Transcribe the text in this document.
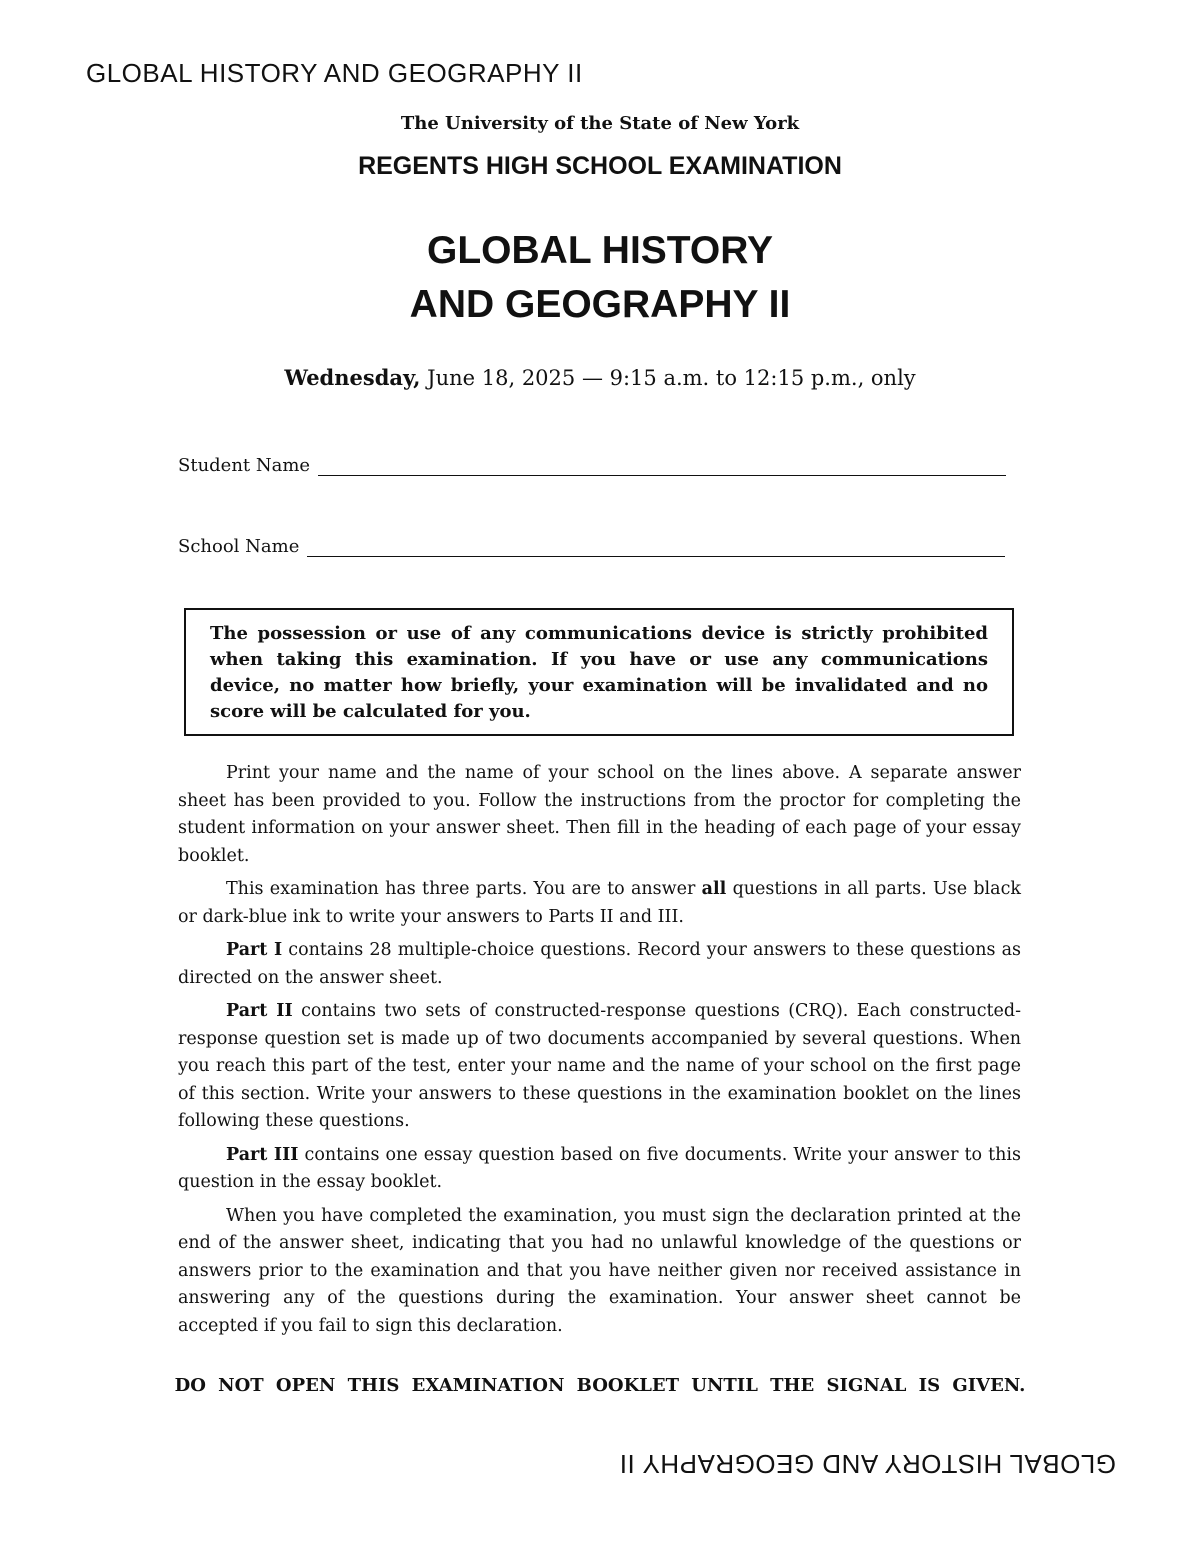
GLOBAL HISTORY AND GEOGRAPHY II
The University of the State of New York
REGENTS HIGH SCHOOL EXAMINATION
GLOBAL HISTORY
AND GEOGRAPHY II
Wednesday, June 18, 2025 — 9:15 a.m. to 12:15 p.m., only
Student Name
School Name
The possession or use of any communications device is strictly prohibited when taking this examination. If you have or use any communications device, no matter how briefly, your examination will be invalidated and no score will be calculated for you.

Print your name and the name of your school on the lines above. A separate answer sheet has been provided to you. Follow the instructions from the proctor for completing the student information on your answer sheet. Then fill in the heading of each page of your essay booklet.

This examination has three parts. You are to answer all questions in all parts. Use black or dark-blue ink to write your answers to Parts II and III.

Part I contains 28 multiple-choice questions. Record your answers to these questions as directed on the answer sheet.

Part II contains two sets of constructed-response questions (CRQ). Each constructed-response question set is made up of two documents accompanied by several questions. When you reach this part of the test, enter your name and the name of your school on the first page of this section. Write your answers to these questions in the examination booklet on the lines following these questions.

Part III contains one essay question based on five documents. Write your answer to this question in the essay booklet.

When you have completed the examination, you must sign the declaration printed at the end of the answer sheet, indicating that you had no unlawful knowledge of the questions or answers prior to the examination and that you have neither given nor received assistance in answering any of the questions during the examination. Your answer sheet cannot be accepted if you fail to sign this declaration.

DO NOT OPEN THIS EXAMINATION BOOKLET UNTIL THE SIGNAL IS GIVEN.
GLOBAL HISTORY AND GEOGRAPHY II
